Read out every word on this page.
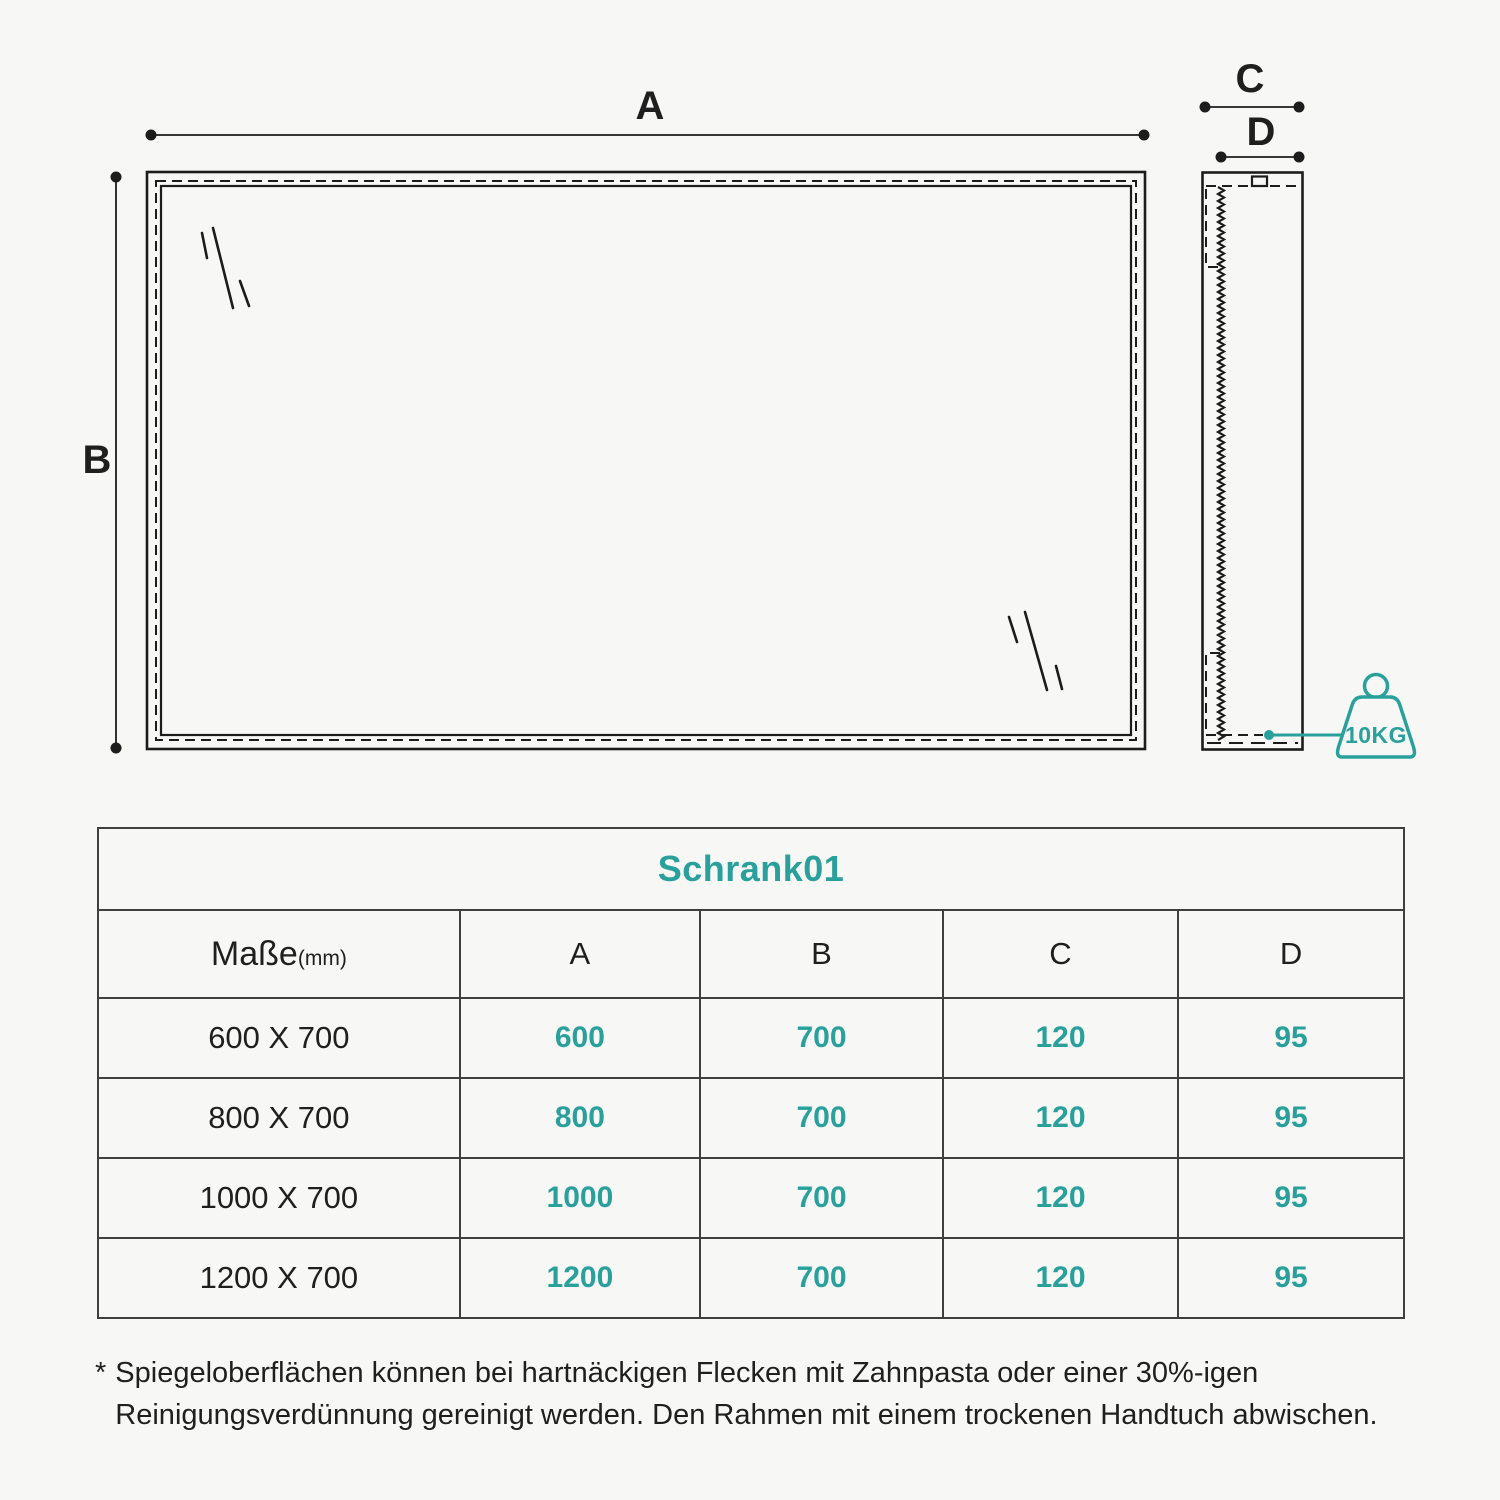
A
B
C
D
10KG
Schrank01				
Maße(mm)	A	B	C	D
600 X 700	600	700	120	95
800 X 700	800	700	120	95
1000 X 700	1000	700	120	95
1200 X 700	1200	700	120	95
* Spiegeloberflächen können bei hartnäckigen Flecken mit Zahnpasta oder einer 30%-igen
Reinigungsverdünnung gereinigt werden. Den Rahmen mit einem trockenen Handtuch abwischen.
